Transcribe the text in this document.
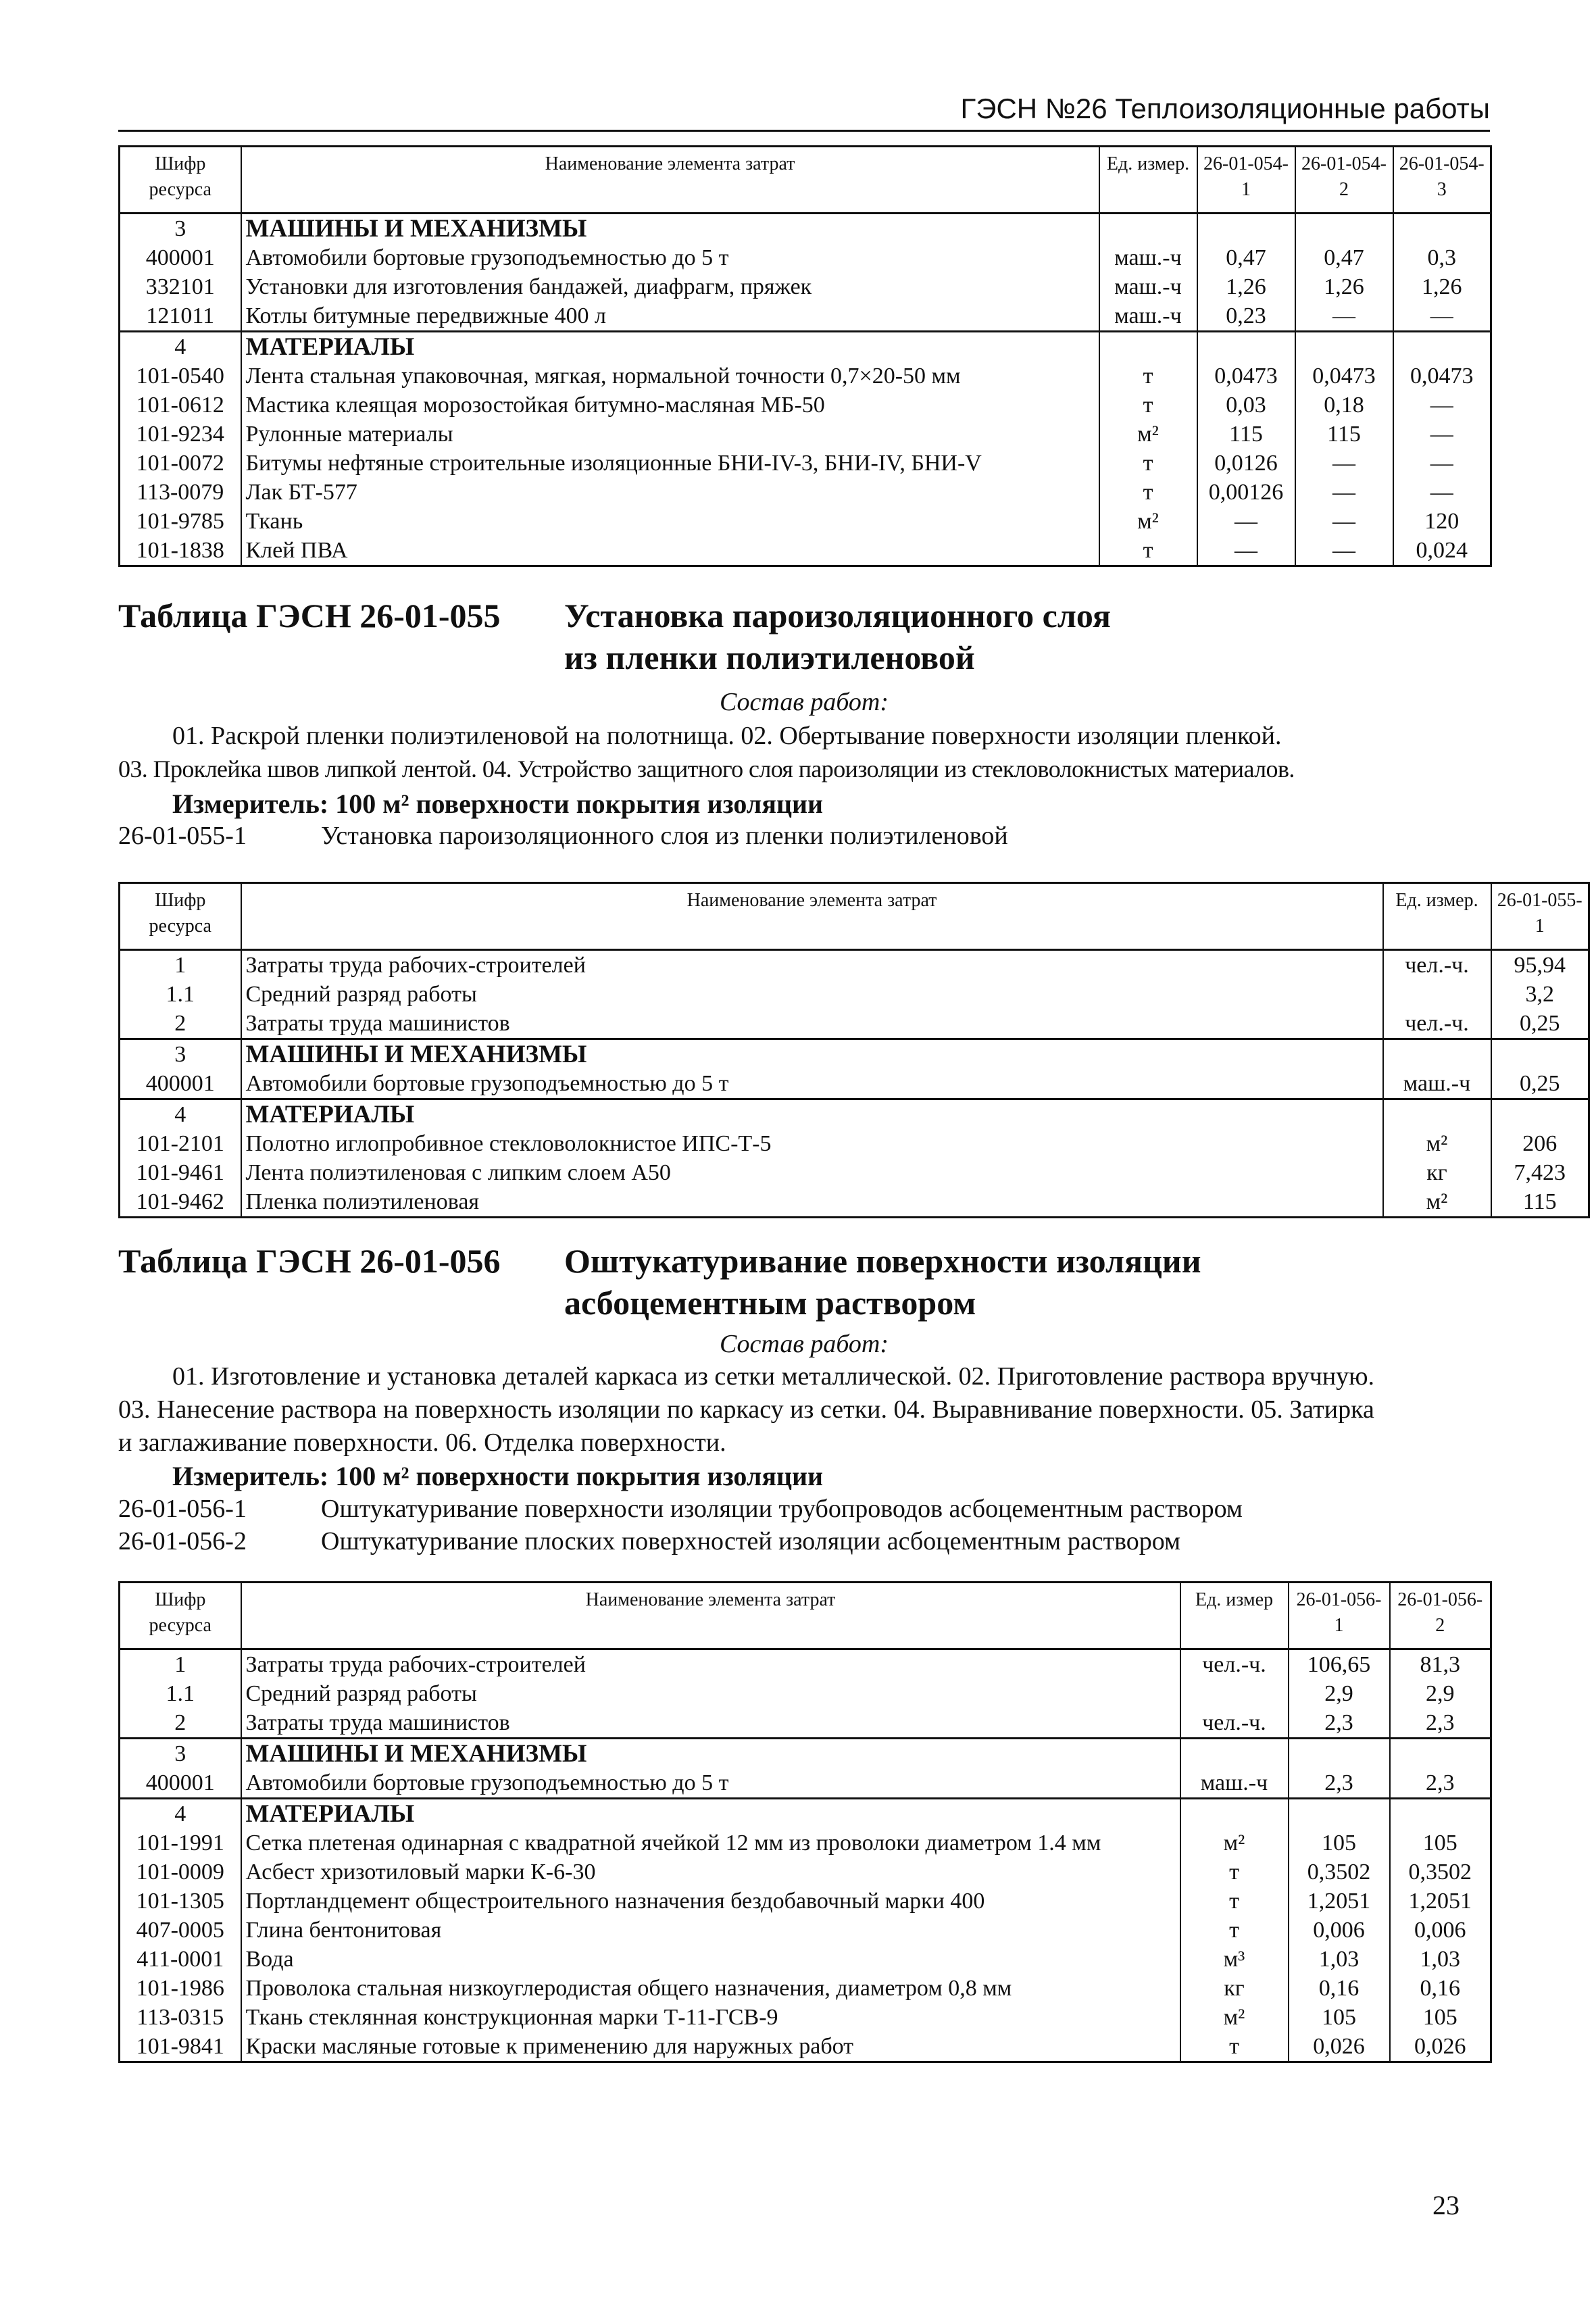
ГЭСН №26 Теплоизоляционные работы
Шифр ресурса	Наименование элемента затрат	Ед. измер.	26-01-054-1	26-01-054-2	26-01-054-3
3	МАШИНЫ И МЕХАНИЗМЫ				
400001	Автомобили бортовые грузоподъемностью до 5 т	маш.-ч	0,47	0,47	0,3
332101	Установки для изготовления бандажей, диафрагм, пряжек	маш.-ч	1,26	1,26	1,26
121011	Котлы битумные передвижные 400 л	маш.-ч	0,23	—	—
4	МАТЕРИАЛЫ				
101-0540	Лента стальная упаковочная, мягкая, нормальной точности 0,7×20-50 мм	т	0,0473	0,0473	0,0473
101-0612	Мастика клеящая морозостойкая битумно-масляная МБ-50	т	0,03	0,18	—
101-9234	Рулонные материалы	м²	115	115	—
101-0072	Битумы нефтяные строительные изоляционные БНИ-IV-3, БНИ-IV, БНИ-V	т	0,0126	—	—
113-0079	Лак БТ-577	т	0,00126	—	—
101-9785	Ткань	м²	—	—	120
101-1838	Клей ПВА	т	—	—	0,024
Таблица ГЭСН 26-01-055 Установка пароизоляционного слоя
из пленки полиэтиленовой
Состав работ:

01. Раскрой пленки полиэтиленовой на полотнища. 02. Обертывание поверхности изоляции пленкой.

03. Проклейка швов липкой лентой. 04. Устройство защитного слоя пароизоляции из стекловолокнистых материалов.

Измеритель: 100 м² поверхности покрытия изоляции
26-01-055-1	Установка пароизоляционного слоя из пленки полиэтиленовой
Шифр ресурса	Наименование элемента затрат	Ед. измер.	26-01-055-1
1	Затраты труда рабочих-строителей	чел.-ч.	95,94
1.1	Средний разряд работы		3,2
2	Затраты труда машинистов	чел.-ч.	0,25
3	МАШИНЫ И МЕХАНИЗМЫ		
400001	Автомобили бортовые грузоподъемностью до 5 т	маш.-ч	0,25
4	МАТЕРИАЛЫ		
101-2101	Полотно иглопробивное стекловолокнистое ИПС-Т-5	м²	206
101-9461	Лента полиэтиленовая с липким слоем А50	кг	7,423
101-9462	Пленка полиэтиленовая	м²	115
Таблица ГЭСН 26-01-056 Оштукатуривание поверхности изоляции
асбоцементным раствором
Состав работ:

01. Изготовление и установка деталей каркаса из сетки металлической. 02. Приготовление раствора вручную.

03. Нанесение раствора на поверхность изоляции по каркасу из сетки. 04. Выравнивание поверхности. 05. Затирка

и заглаживание поверхности. 06. Отделка поверхности.

Измеритель: 100 м² поверхности покрытия изоляции
26-01-056-1	Оштукатуривание поверхности изоляции трубопроводов асбоцементным раствором
26-01-056-2	Оштукатуривание плоских поверхностей изоляции асбоцементным раствором
Шифр ресурса	Наименование элемента затрат	Ед. измер	26-01-056-1	26-01-056-2
1	Затраты труда рабочих-строителей	чел.-ч.	106,65	81,3
1.1	Средний разряд работы		2,9	2,9
2	Затраты труда машинистов	чел.-ч.	2,3	2,3
3	МАШИНЫ И МЕХАНИЗМЫ			
400001	Автомобили бортовые грузоподъемностью до 5 т	маш.-ч	2,3	2,3
4	МАТЕРИАЛЫ			
101-1991	Сетка плетеная одинарная с квадратной ячейкой 12 мм из проволоки диаметром 1.4 мм	м²	105	105
101-0009	Асбест хризотиловый марки К-6-30	т	0,3502	0,3502
101-1305	Портландцемент общестроительного назначения бездобавочный марки 400	т	1,2051	1,2051
407-0005	Глина бентонитовая	т	0,006	0,006
411-0001	Вода	м³	1,03	1,03
101-1986	Проволока стальная низкоуглеродистая общего назначения, диаметром 0,8 мм	кг	0,16	0,16
113-0315	Ткань стеклянная конструкционная марки Т-11-ГСВ-9	м²	105	105
101-9841	Краски масляные готовые к применению для наружных работ	т	0,026	0,026
23
